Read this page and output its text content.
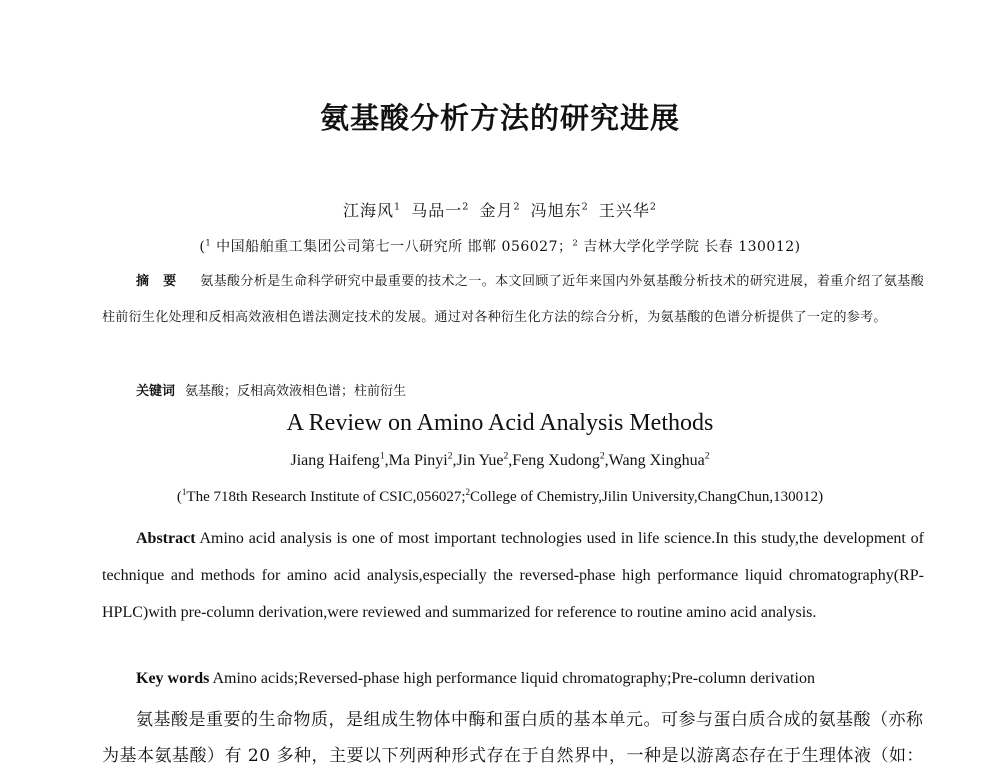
氨基酸分析方法的研究进展
江海风$^1$ 马品一$^2$ 金月$^2$ 冯旭东$^2$ 王兴华$^2$
($^1$ 中国船舶重工集团公司第七一八研究所 邯郸 056027；$^2$ 吉林大学化学学院 长春 130012)
摘要 氨基酸分析是生命科学研究中最重要的技术之一。本文回顾了近年来国内外氨基酸分析技术的研究进展，着重介绍了氨基酸柱前衍生化处理和反相高效液相色谱法测定技术的发展。通过对各种衍生化方法的综合分析，为氨基酸的色谱分析提供了一定的参考。
关键词 氨基酸；反相高效液相色谱；柱前衍生
A Review on Amino Acid Analysis Methods
Jiang Haifeng$^1$,Ma Pinyi$^2$,Jin Yue$^2$,Feng Xudong$^2$,Wang Xinghua$^2$
($^1$The 718th Research Institute of CSIC,056027;$^2$College of Chemistry,Jilin University,ChangChun,130012)
Abstract Amino acid analysis is one of most important technologies used in life science.In this study,the development of technique and methods for amino acid analysis,especially the reversed-phase high performance liquid chromatography(RP-HPLC)with pre-column derivation,were reviewed and summarized for reference to routine amino acid analysis.
Key words Amino acids;Reversed-phase high performance liquid chromatography;Pre-column derivation
氨基酸是重要的生命物质，是组成生物体中酶和蛋白质的基本单元。可参与蛋白质合成的氨基酸（亦称为基本氨基酸）有 20 多种，主要以下列两种形式存在于自然界中，一种是以游离态存在于生理体液（如：
